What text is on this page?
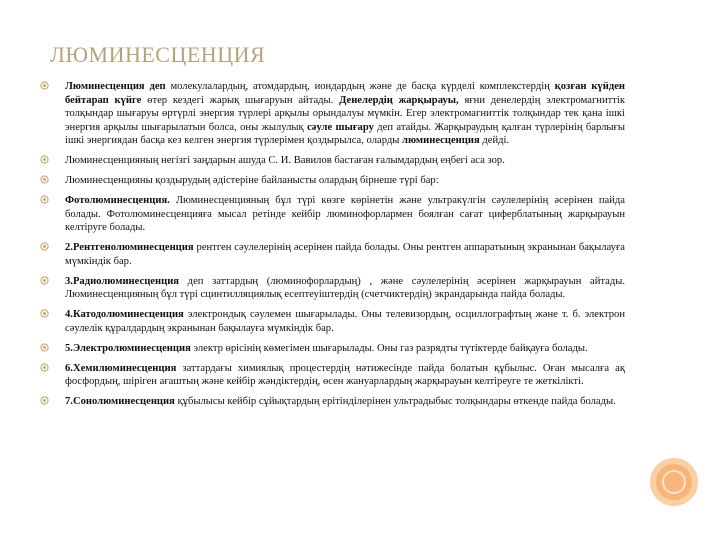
ЛЮМИНЕСЦЕНЦИЯ
Люминесценция деп молекулалардың, атомдардың, иондардың және де басқа күрделі комплекстердің қозған күйден бейтарап күйге өтер кездегі жарық шығаруын айтады. Денелердің жарқырауы, яғни денелердің электромагниттік толқындар шығаруы өртүрлі энергия түрлері арқылы орындалуы мүмкін. Егер электромагниттік толқындар тек қана ішкі энергия арқылы шығарылатын болса, оны жылулық сәуле шығару деп атайды. Жарқыраудың қалған түрлерінің барлығы ішкі энергиядан басқа кез келген энергия түрлерімен қоздырылса, оларды люминесценция дейді.
Люминесценцияның негізгі заңдарын ашуда С. И. Вавилов бастаған ғалымдардың еңбегі аса зор.
Люминесценцияны қоздырудың әдістеріне байланысты олардың бірнеше түрі бар:
Фотолюминесценция. Люминесценцияның бұл түрі көзге көрінетін және ультракүлгін сәулелерінің әсерінен пайда болады. Фотолюминесценцияға мысал ретінде кейбір люминофорлармен боялған сағат циферблатының жарқырауын келтіруге болады.
2.Рентгенолюминесценция рентген сәулелерінің әсерінен пайда болады. Оны рентген аппаратының экранынан бақылауға мүмкіндік бар.
3.Радиолюминесценция деп заттардың (люминофорлардың) , және сәулелерінің әсерінен жарқырауын айтады. Люминесценцияның бұл түрі сцинтилляциялық есептеуіштердің (счетчиктердің) экрандарында пайда болады.
4.Катодолюминесценция электрондық сәулемен шығарылады. Оны телевизордың, осциллографтың және т. б. электрон сәулелік құралдардың экранынан бақылауға мүмкіндік бар.
5.Электролюминесценция электр өрісінің көмегімен шығарылады. Оны газ разрядты түтіктерде байқауға болады.
6.Хемилюминесценция заттардағы химиялық процестердің нәтижесінде пайда болатын құбылыс. Оған мысалға ақ фосфордың, шіріген ағаштың және кейбір жәндіктердің, өсен жануарлардың жарқырауын келтіреуге те жеткілікті.
7.Сонолюминесценция құбылысы кейбір сұйықтардың ерітінділерінен ультрадыбыс толқындары өткенде пайда болады.
